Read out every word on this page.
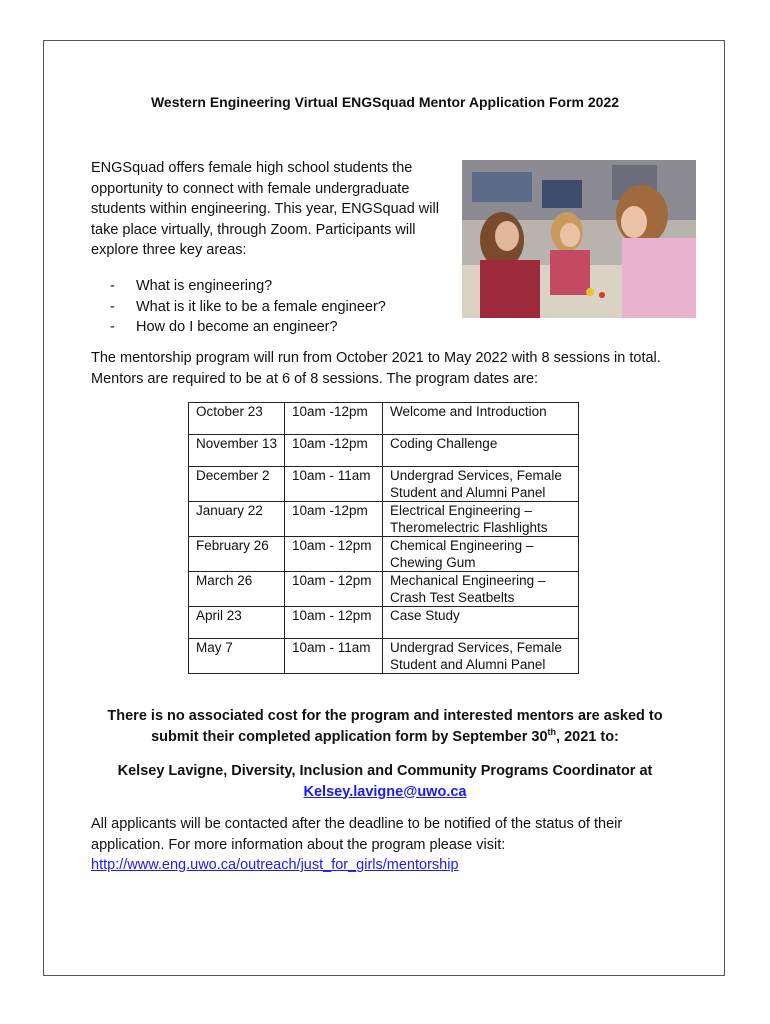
Western Engineering Virtual ENGSquad Mentor Application Form 2022
ENGSquad offers female high school students the opportunity to connect with female undergraduate students within engineering. This year, ENGSquad will take place virtually, through Zoom. Participants will explore three key areas:
- What is engineering?
- What is it like to be a female engineer?
- How do I become an engineer?
The mentorship program will run from October 2021 to May 2022 with 8 sessions in total. Mentors are required to be at 6 of 8 sessions. The program dates are:
October 23	10am -12pm	Welcome and Introduction
November 13	10am -12pm	Coding Challenge
December 2	10am - 11am	Undergrad Services, Female Student and Alumni Panel
January 22	10am -12pm	Electrical Engineering – Theromelectric Flashlights
February 26	10am - 12pm	Chemical Engineering – Chewing Gum
March 26	10am - 12pm	Mechanical Engineering – Crash Test Seatbelts
April 23	10am - 12pm	Case Study
May 7	10am - 11am	Undergrad Services, Female Student and Alumni Panel
There is no associated cost for the program and interested mentors are asked to
submit their completed application form by September 30th, 2021 to:
Kelsey Lavigne, Diversity, Inclusion and Community Programs Coordinator at
Kelsey.lavigne@uwo.ca
All applicants will be contacted after the deadline to be notified of the status of their application. For more information about the program please visit:
http://www.eng.uwo.ca/outreach/just_for_girls/mentorship
